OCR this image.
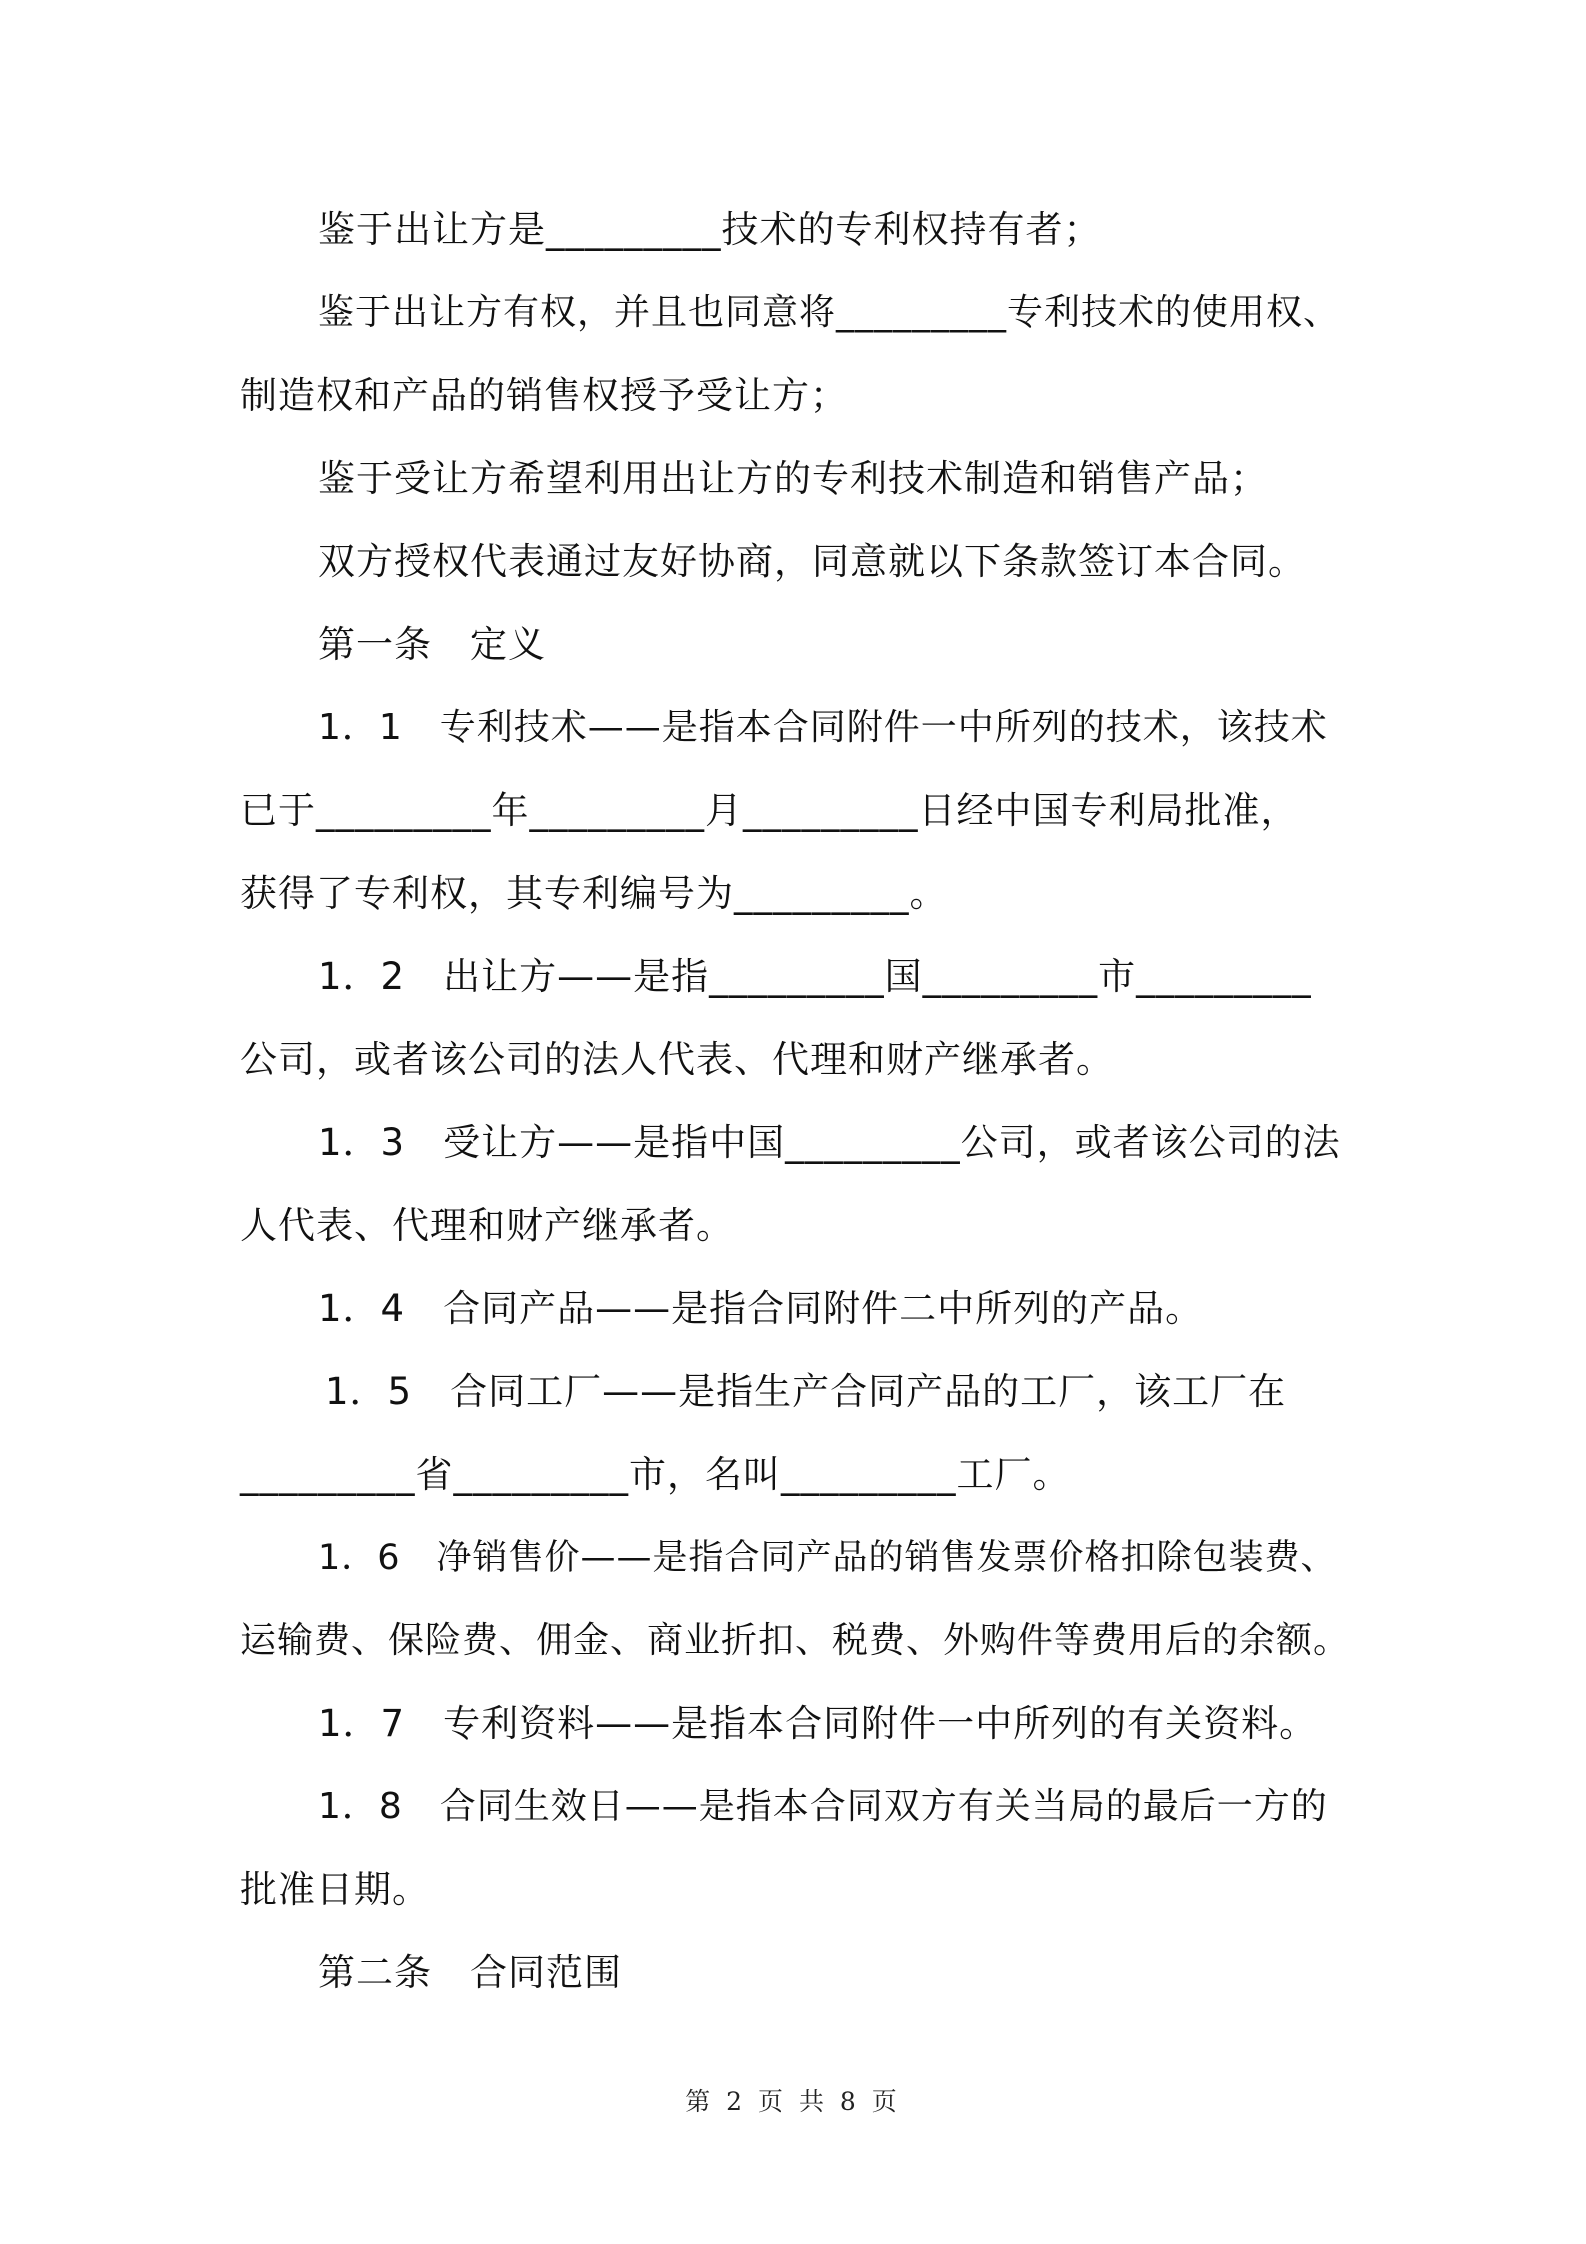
鉴于出让方是_________技术的专利权持有者；
鉴于出让方有权，并且也同意将_________专利技术的使用权、
制造权和产品的销售权授予受让方；
鉴于受让方希望利用出让方的专利技术制造和销售产品；
双方授权代表通过友好协商，同意就以下条款签订本合同。
第一条　定义
1．1　专利技术——是指本合同附件一中所列的技术，该技术
已于_________年_________月_________日经中国专利局批准，
获得了专利权，其专利编号为_________。
1．2　出让方——是指_________国_________市_________
公司，或者该公司的法人代表、代理和财产继承者。
1．3　受让方——是指中国_________公司，或者该公司的法
人代表、代理和财产继承者。
1．4　合同产品——是指合同附件二中所列的产品。
1．5　合同工厂——是指生产合同产品的工厂，该工厂在
_________省_________市，名叫_________工厂。
1．6　净销售价——是指合同产品的销售发票价格扣除包装费、
运输费、保险费、佣金、商业折扣、税费、外购件等费用后的余额。
1．7　专利资料——是指本合同附件一中所列的有关资料。
1．8　合同生效日——是指本合同双方有关当局的最后一方的
批准日期。
第二条　合同范围
第 2 页 共 8 页
